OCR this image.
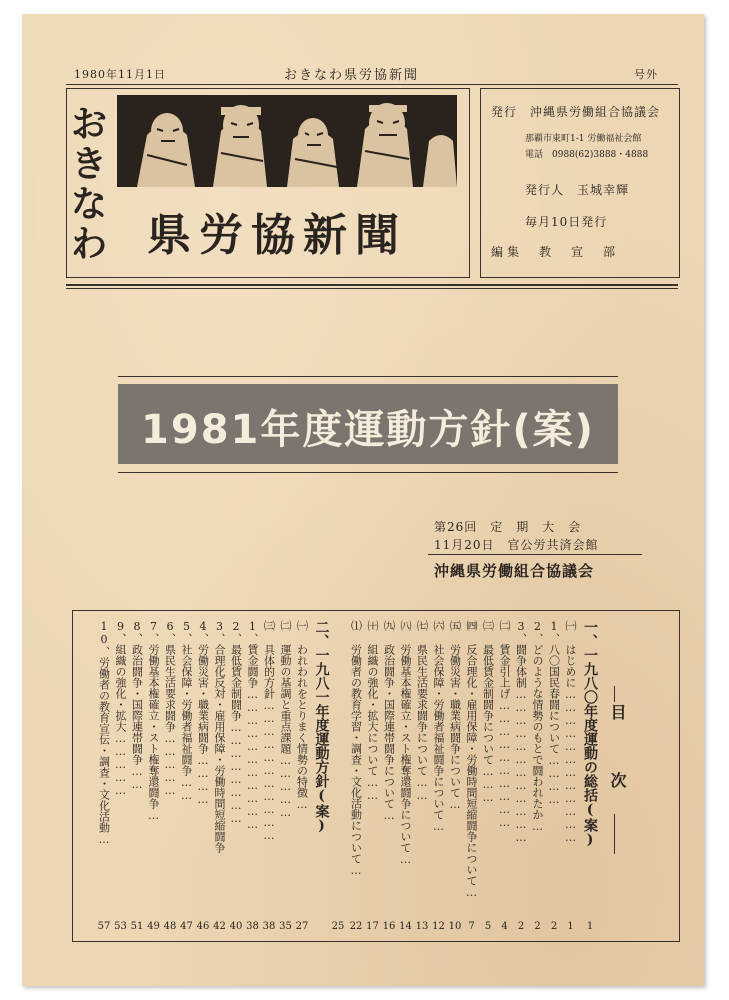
1980年11月1日	おきなわ県労協新聞	号外
お
き
な
わ 県労協新聞
発行　沖縄県労働組合協議会
那覇市東町1-1 労働福祉会館
電話　0988(62)3888・4888
発行人　玉城幸輝
毎月10日発行
編集　教　宣　部
1981年度運動方針(案)
第26回　定　期　大　会
11月20日　官公労共済会館
沖縄県労働組合協議会
目　次
一、一九八〇年度運動の総括(案)
1
㈠ はじめに………………………………
1
1、八〇国民春闘について…………
2
2、どのような情勢のもとで闘われたか…
2
3、闘争体制………………………………
2
㈡ 賃金引上げ…………………………
4
㈢ 最低賃金制闘争について………
5
㈣ 反合理化・雇用保障・労働時間短縮闘争について…
7
㈤ 労働災害・職業病闘争について…
10
㈥ 社会保障・労働者福祉闘争について…
12
㈦ 県民生活要求闘争について……
13
㈧ 労働基本権確立・スト権奪還闘争について…
14
㈨ 政治闘争・国際連帯闘争について…
16
㈩ 組織の強化・拡大について……
17
⑴ 労働者の教育学習・調査・文化活動について…
22
25
二、一九八一年度運動方針(案)
㈠ われわれをとりまく情勢の特徴…
27
㈡ 運動の基調と重点課題……………
35
㈢ 具体的方針……………………………
38
1、賃金闘争……………………………
38
2、最低賃金制闘争……………………
40
3、合理化反対・雇用保障・労働時間短縮闘争
42
4、労働災害・職業病闘争…………
46
5、社会保障・労働者福祉闘争……
47
6、県民生活要求闘争……………
48
7、労働基本権確立・スト権奪還闘争…
49
8、政治闘争・国際連帯闘争……
51
9、組織の強化・拡大……………
53
10、労働者の教育宣伝・調査・文化活動…
57
